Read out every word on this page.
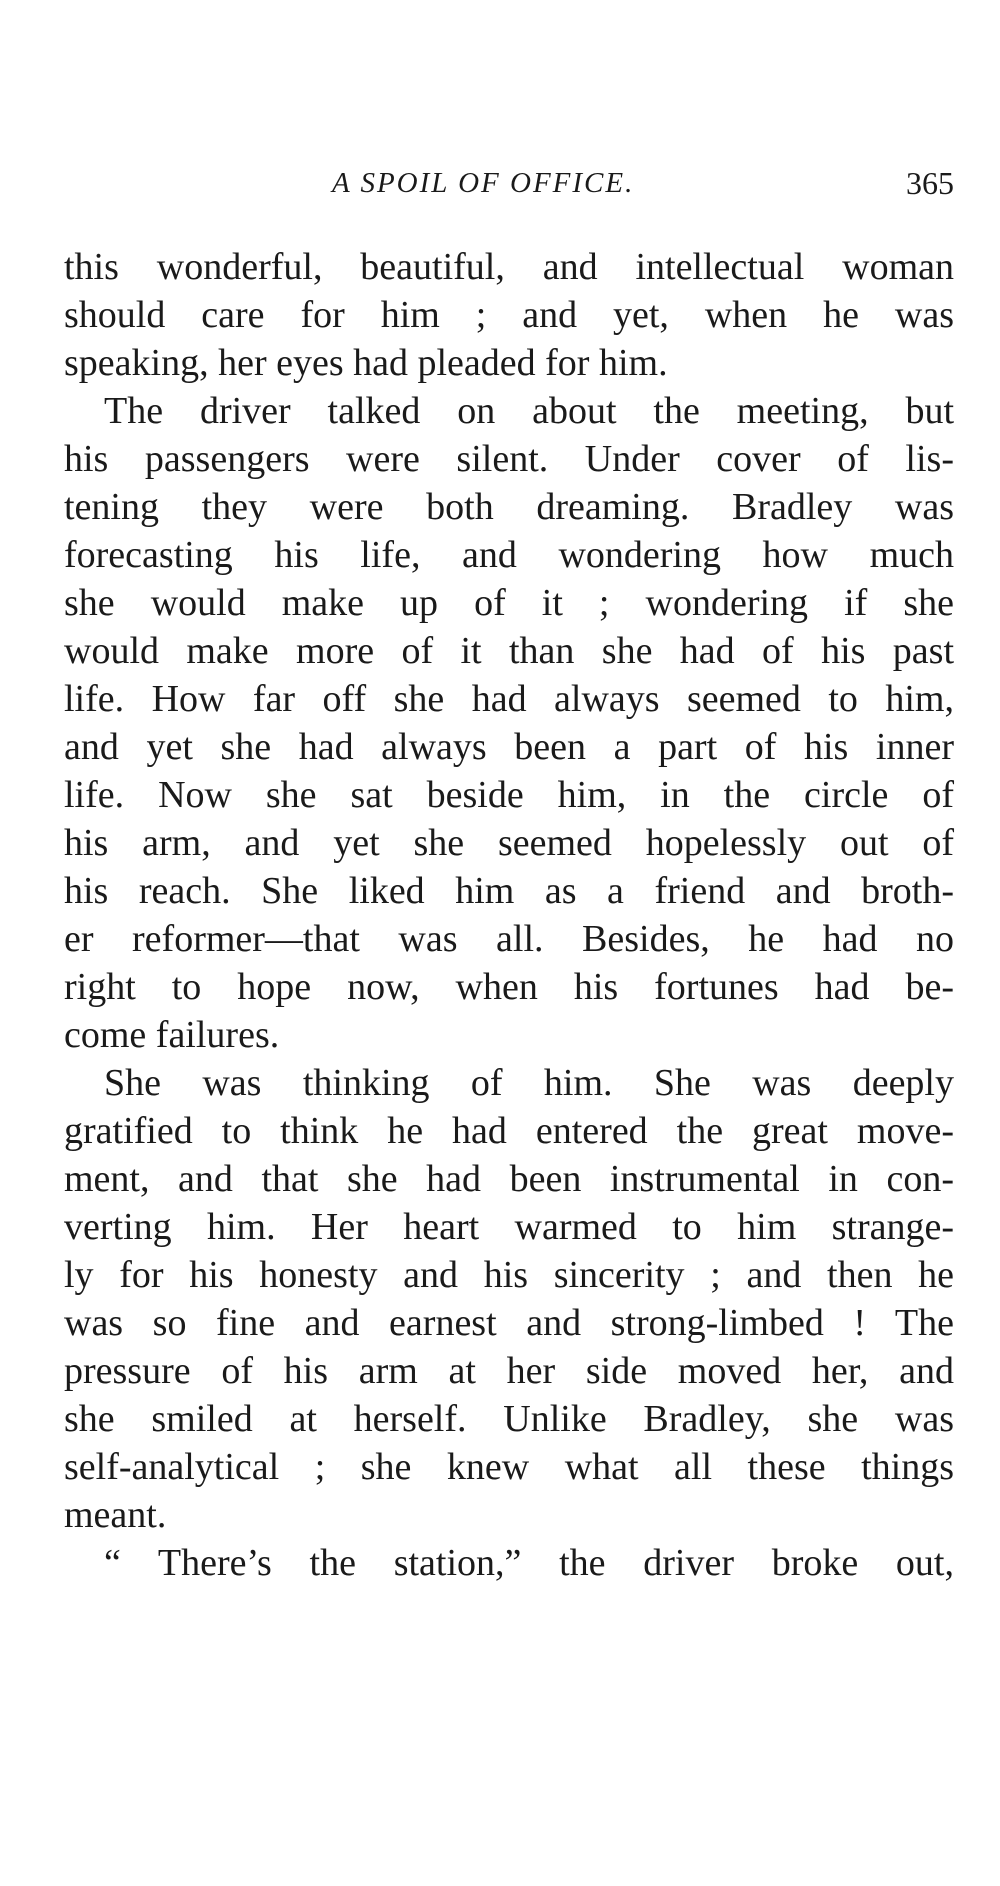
A SPOIL OF OFFICE.	365
this wonderful, beautiful, and intellectual woman
should care for him ; and yet, when he was
speaking, her eyes had pleaded for him.
The driver talked on about the meeting, but
his passengers were silent. Under cover of lis-
tening they were both dreaming. Bradley was
forecasting his life, and wondering how much
she would make up of it ; wondering if she
would make more of it than she had of his past
life. How far off she had always seemed to him,
and yet she had always been a part of his inner
life. Now she sat beside him, in the circle of
his arm, and yet she seemed hopelessly out of
his reach. She liked him as a friend and broth-
er reformer—that was all. Besides, he had no
right to hope now, when his fortunes had be-
come failures.
She was thinking of him. She was deeply
gratified to think he had entered the great move-
ment, and that she had been instrumental in con-
verting him. Her heart warmed to him strange-
ly for his honesty and his sincerity ; and then he
was so fine and earnest and strong-limbed ! The
pressure of his arm at her side moved her, and
she smiled at herself. Unlike Bradley, she was
self-analytical ; she knew what all these things
meant.
“ There’s the station,” the driver broke out,
